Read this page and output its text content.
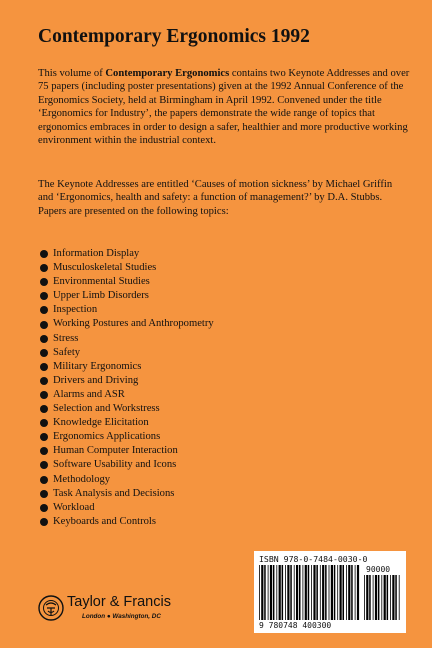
Contemporary Ergonomics 1992
This volume of Contemporary Ergonomics contains two Keynote Addresses and over 75 papers (including poster presentations) given at the 1992 Annual Conference of the Ergonomics Society, held at Birmingham in April 1992. Convened under the title ‘Ergonomics for Industry’, the papers demonstrate the wide range of topics that ergonomics embraces in order to design a safer, healthier and more productive working environment within the industrial context.
The Keynote Addresses are entitled ‘Causes of motion sickness’ by Michael Griffin and ‘Ergonomics, health and safety: a function of management?’ by D.A. Stubbs. Papers are presented on the following topics:
Information Display
Musculoskeletal Studies
Environmental Studies
Upper Limb Disorders
Inspection
Working Postures and Anthropometry
Stress
Safety
Military Ergonomics
Drivers and Driving
Alarms and ASR
Selection and Workstress
Knowledge Elicitation
Ergonomics Applications
Human Computer Interaction
Software Usability and Icons
Methodology
Task Analysis and Decisions
Workload
Keyboards and Controls
Taylor & Francis
London ● Washington, DC
ISBN 978-0-7484-0030-0
90000
9 780748 400300
